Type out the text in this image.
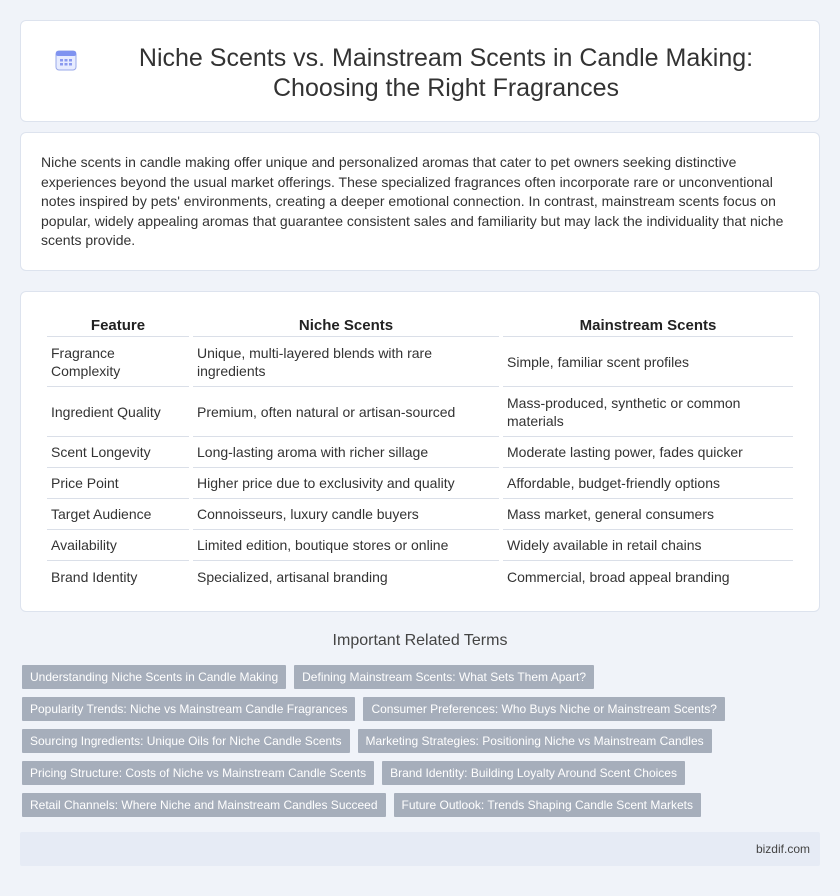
Niche Scents vs. Mainstream Scents in Candle Making: Choosing the Right Fragrances

Niche scents in candle making offer unique and personalized aromas that cater to pet owners seeking distinctive experiences beyond the usual market offerings. These specialized fragrances often incorporate rare or unconventional notes inspired by pets' environments, creating a deeper emotional connection. In contrast, mainstream scents focus on popular, widely appealing aromas that guarantee consistent sales and familiarity but may lack the individuality that niche scents provide.

Feature	Niche Scents	Mainstream Scents
Fragrance Complexity	Unique, multi-layered blends with rare ingredients	Simple, familiar scent profiles
Ingredient Quality	Premium, often natural or artisan-sourced	Mass-produced, synthetic or common materials
Scent Longevity	Long-lasting aroma with richer sillage	Moderate lasting power, fades quicker
Price Point	Higher price due to exclusivity and quality	Affordable, budget-friendly options
Target Audience	Connoisseurs, luxury candle buyers	Mass market, general consumers
Availability	Limited edition, boutique stores or online	Widely available in retail chains
Brand Identity	Specialized, artisanal branding	Commercial, broad appeal branding
Important Related Terms
Understanding Niche Scents in Candle Making	Defining Mainstream Scents: What Sets Them Apart?
Popularity Trends: Niche vs Mainstream Candle Fragrances	Consumer Preferences: Who Buys Niche or Mainstream Scents?
Sourcing Ingredients: Unique Oils for Niche Candle Scents	Marketing Strategies: Positioning Niche vs Mainstream Candles
Pricing Structure: Costs of Niche vs Mainstream Candle Scents	Brand Identity: Building Loyalty Around Scent Choices
Retail Channels: Where Niche and Mainstream Candles Succeed	Future Outlook: Trends Shaping Candle Scent Markets
bizdif.com
